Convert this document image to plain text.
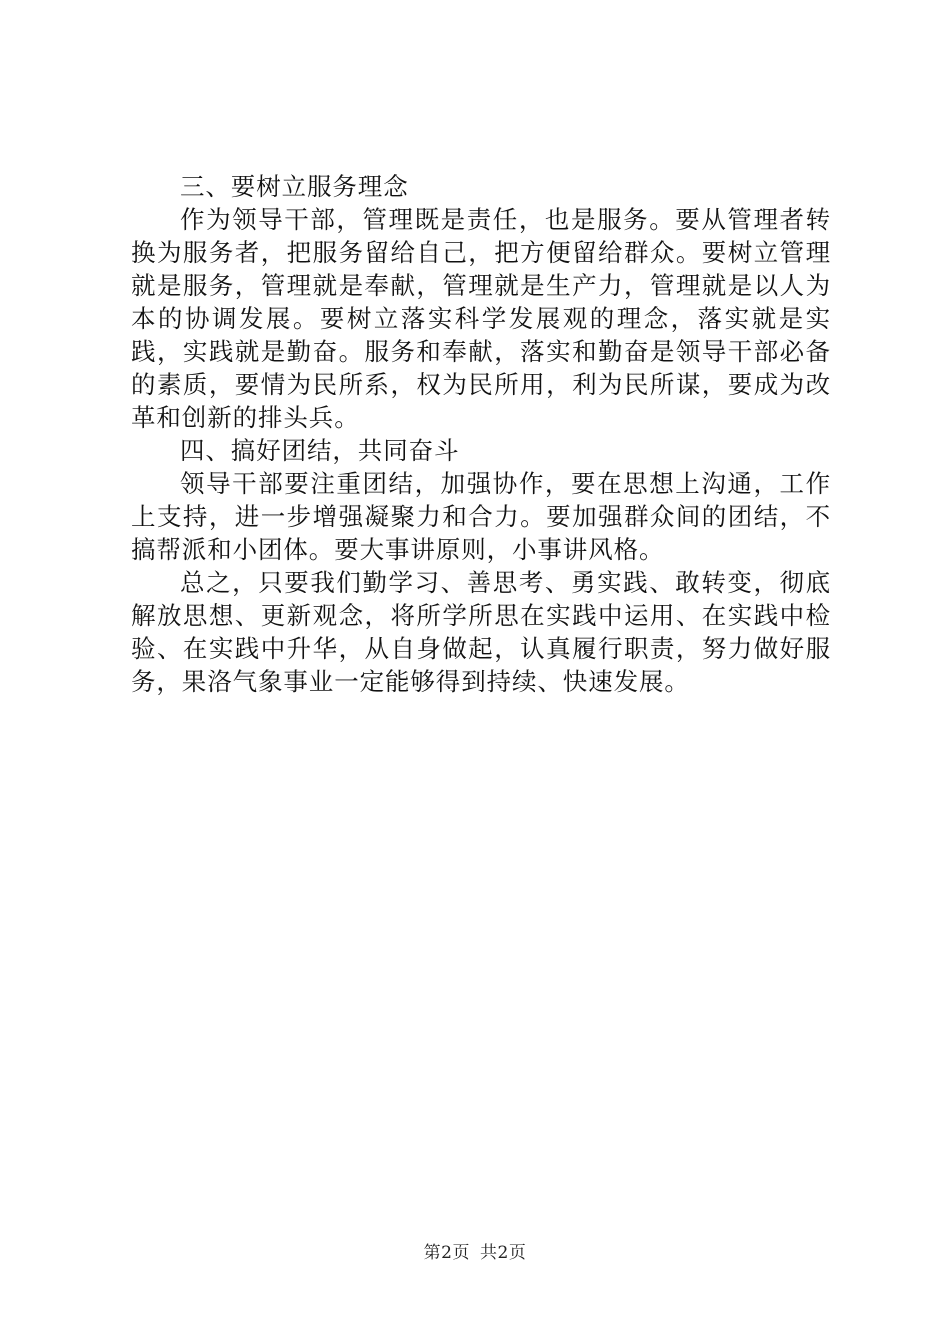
三、要树立服务理念

作为领导干部，管理既是责任，也是服务。要从管理者转换为服务者，把服务留给自己，把方便留给群众。要树立管理就是服务，管理就是奉献，管理就是生产力，管理就是以人为本的协调发展。要树立落实科学发展观的理念，落实就是实践，实践就是勤奋。服务和奉献，落实和勤奋是领导干部必备的素质，要情为民所系，权为民所用，利为民所谋，要成为改革和创新的排头兵。

四、搞好团结，共同奋斗

领导干部要注重团结，加强协作，要在思想上沟通，工作上支持，进一步增强凝聚力和合力。要加强群众间的团结，不搞帮派和小团体。要大事讲原则，小事讲风格。

总之，只要我们勤学习、善思考、勇实践、敢转变，彻底解放思想、更新观念，将所学所思在实践中运用、在实践中检验、在实践中升华，从自身做起，认真履行职责，努力做好服务，果洛气象事业一定能够得到持续、快速发展。

第2页 共2页
